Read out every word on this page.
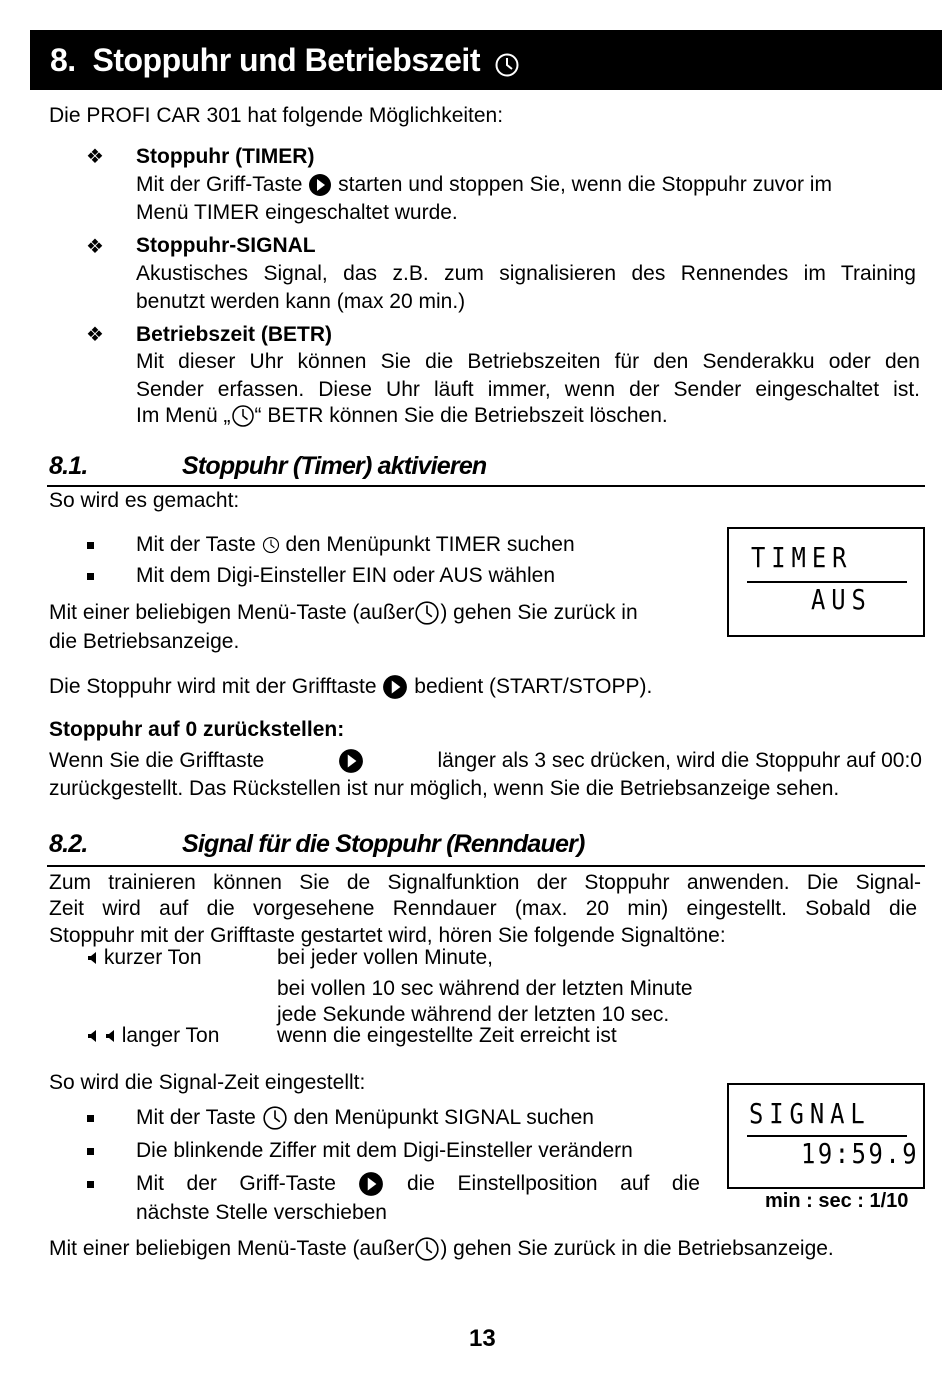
8. Stoppuhr und Betriebszeit
Die PROFI CAR 301 hat folgende Möglichkeiten:
❖ Stoppuhr (TIMER)
Mit der Griff-Taste starten und stoppen Sie, wenn die Stoppuhr zuvor im
Menü TIMER eingeschaltet wurde.
❖ Stoppuhr-SIGNAL
Akustisches Signal, das z.B. zum signalisieren des Rennendes im Training
benutzt werden kann (max 20 min.)
❖ Betriebszeit (BETR)
Mit dieser Uhr können Sie die Betriebszeiten für den Senderakku oder den
Sender erfassen. Diese Uhr läuft immer, wenn der Sender eingeschaltet ist.
Im Menü „ “ BETR können Sie die Betriebszeit löschen.
8.1.	Stoppuhr (Timer) aktivieren
So wird es gemacht:
Mit der Taste den Menüpunkt TIMER suchen
Mit dem Digi-Einsteller EIN oder AUS wählen
Mit einer beliebigen Menü-Taste (außer ) gehen Sie zurück in
die Betriebsanzeige.
TIMER
AUS
Die Stoppuhr wird mit der Grifftaste bedient (START/STOPP).
Stoppuhr auf 0 zurückstellen:
Wenn Sie die Grifftaste	länger als 3 sec drücken, wird die Stoppuhr auf 00:0
zurückgestellt. Das Rückstellen ist nur möglich, wenn Sie die Betriebsanzeige sehen.
8.2.	Signal für die Stoppuhr (Renndauer)
Zum trainieren können Sie de Signalfunktion der Stoppuhr anwenden. Die Signal-
Zeit wird auf die vorgesehene Renndauer (max. 20 min) eingestellt. Sobald die
Stoppuhr mit der Grifftaste gestartet wird, hören Sie folgende Signaltöne:
kurzer Ton	bei jeder vollen Minute,
bei vollen 10 sec während der letzten Minute
jede Sekunde während der letzten 10 sec.
langer Ton	wenn die eingestellte Zeit erreicht ist
So wird die Signal-Zeit eingestellt:
Mit der Taste den Menüpunkt SIGNAL suchen
Die blinkende Ziffer mit dem Digi-Einsteller verändern
Mit der Griff-Taste	die Einstellposition auf die
nächste Stelle verschieben
SIGNAL
19:59.9
min : sec : 1/10
Mit einer beliebigen Menü-Taste (außer ) gehen Sie zurück in die Betriebsanzeige.
13
